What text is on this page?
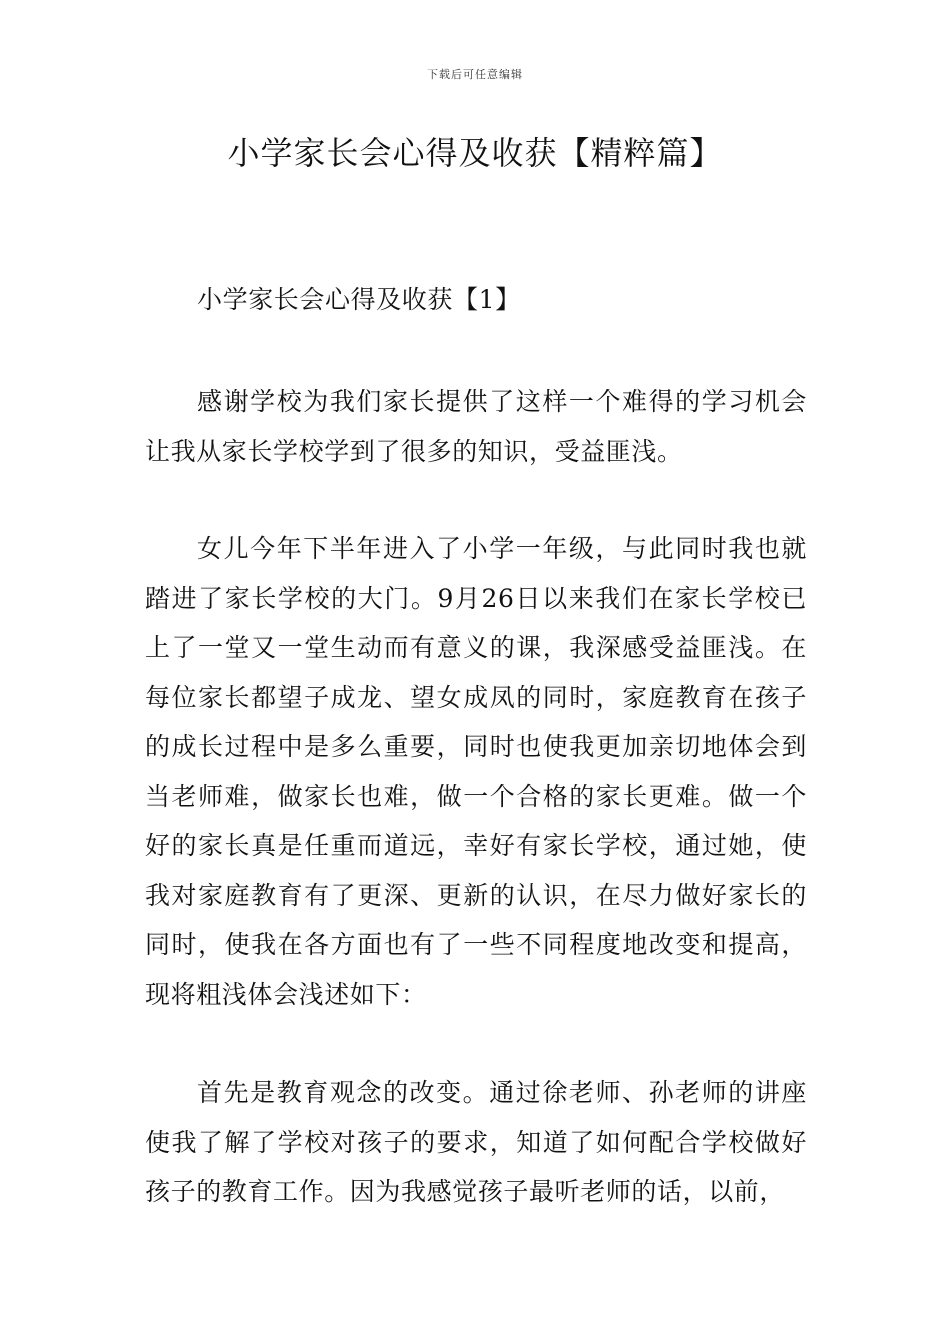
下载后可任意编辑
小学家长会心得及收获【精粹篇】
小学家长会心得及收获【1】

感谢学校为我们家长提供了这样一个难得的学习机会让我从家长学校学到了很多的知识，受益匪浅。

女儿今年下半年进入了小学一年级，与此同时我也就踏进了家长学校的大门。9月26日以来我们在家长学校已上了一堂又一堂生动而有意义的课，我深感受益匪浅。在每位家长都望子成龙、望女成凤的同时，家庭教育在孩子的成长过程中是多么重要，同时也使我更加亲切地体会到当老师难，做家长也难，做一个合格的家长更难。做一个好的家长真是任重而道远，幸好有家长学校，通过她，使我对家庭教育有了更深、更新的认识，在尽力做好家长的同时，使我在各方面也有了一些不同程度地改变和提高，现将粗浅体会浅述如下：

首先是教育观念的改变。通过徐老师、孙老师的讲座使我了解了学校对孩子的要求，知道了如何配合学校做好孩子的教育工作。因为我感觉孩子最听老师的话，以前，
